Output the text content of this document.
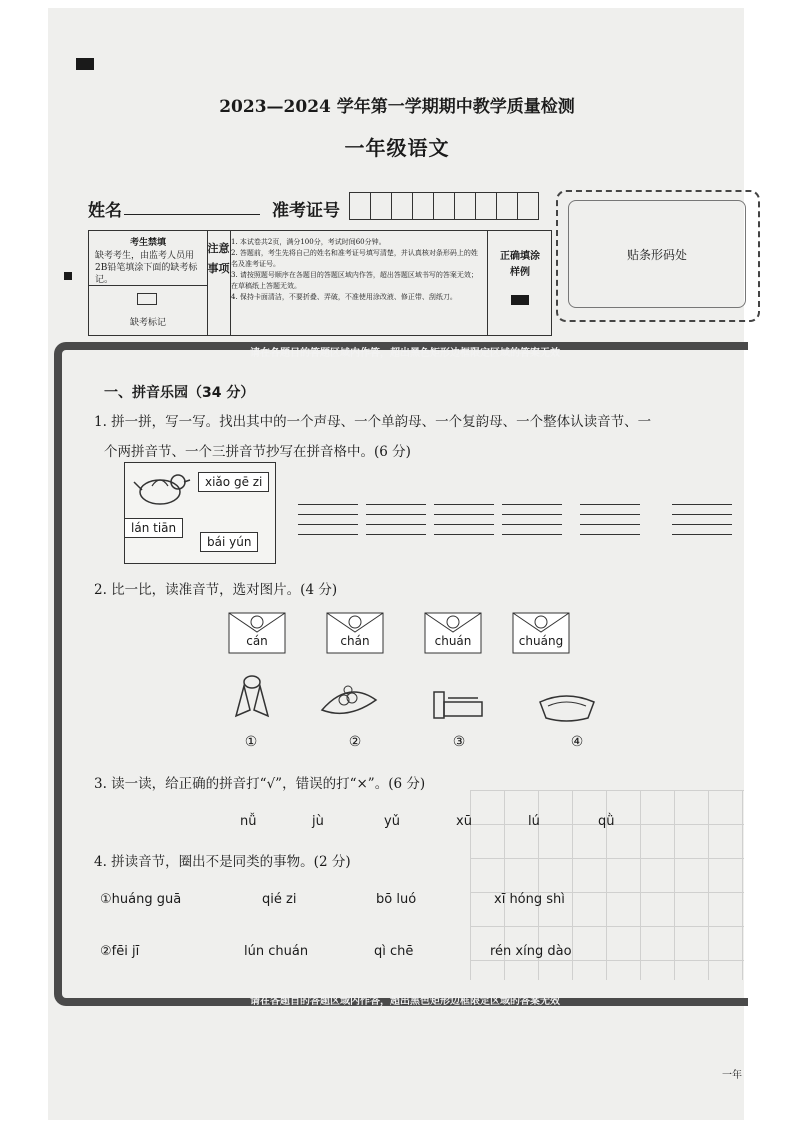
2023—2024 学年第一学期期中教学质量检测
一年级语文
姓名	准考证号
贴条形码处
考生禁填
缺考考生，由监考人员用2B铅笔填涂下面的缺考标记。
缺考标记
注意事项
1. 本试卷共2页，满分100分，考试时间60分钟。
2. 答题前，考生先将自己的姓名和准考证号填写清楚，并认真核对条形码上的姓名及准考证号。
3. 请按照题号顺序在各题目的答题区域内作答，超出答题区域书写的答案无效；在草稿纸上答题无效。
4. 保持卡面清洁，不要折叠、弄破，不准使用涂改液、修正带、刮纸刀。
正确填涂样例
请在各题目的答题区域内作答，超出黑色矩形边框限定区域的答案无效
请在各题目的答题区域内作答，超出黑色矩形边框限定区域的答案无效
一、拼音乐园（34 分）
1. 拼一拼，写一写。找出其中的一个声母、一个单韵母、一个复韵母、一个整体认读音节、一
个两拼音节、一个三拼音节抄写在拼音格中。(6 分)
xiǎo gē zi
lán tiān
bái yún
2. 比一比，读准音节，选对图片。(4 分)
cán	chán	chuán	chuáng
①	②	③	④
3. 读一读，给正确的拼音打“√”，错误的打“×”。(6 分)
nǚ	jù	yǔ	xū	lú	qǜ
4. 拼读音节，圈出不是同类的事物。(2 分)
①huáng guā	qié zi	bō luó	xī hóng shì
②fēi jī	lún chuán	qì chē	rén xíng dào
一年
